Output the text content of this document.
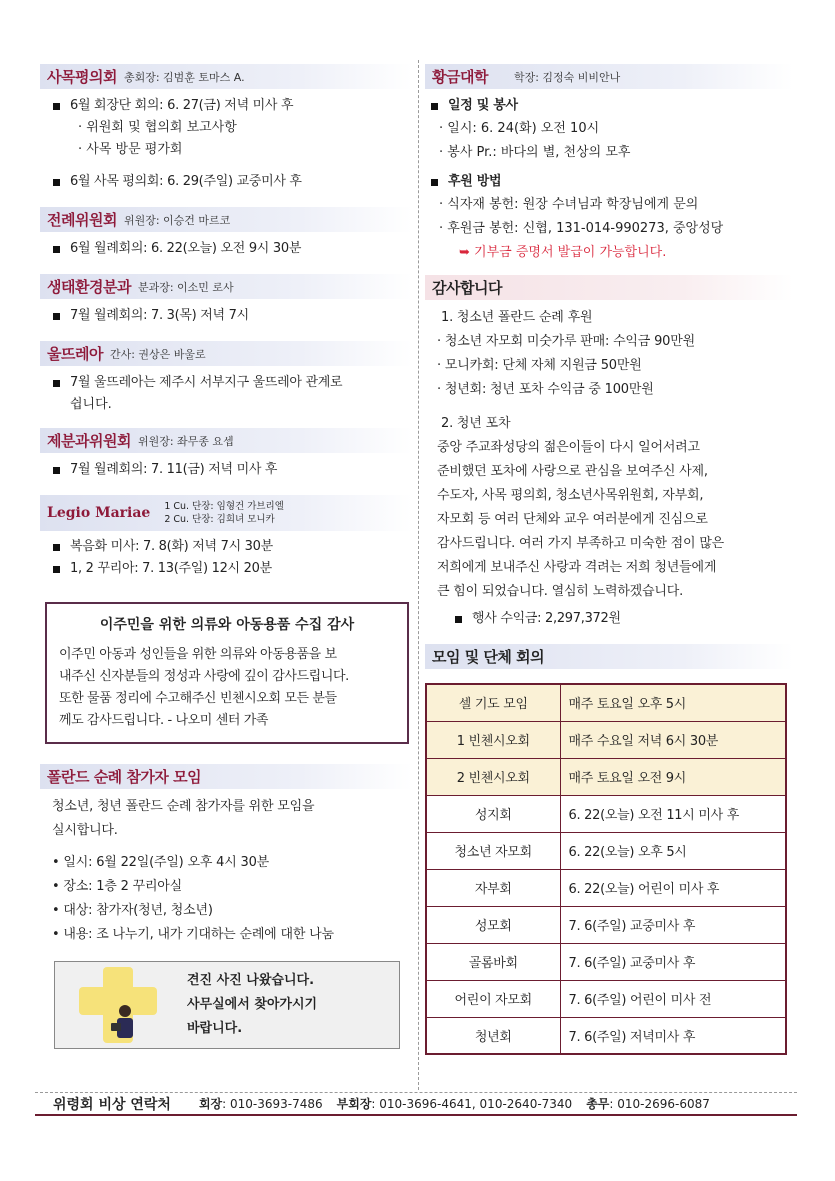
사목평의회 총회장: 김범훈 토마스 A.
6월 회장단 회의: 6. 27(금) 저녁 미사 후
· 위원회 및 협의회 보고사항
· 사목 방문 평가회
6월 사목 평의회: 6. 29(주일) 교중미사 후
전례위원회 위원장: 이승건 마르코
6월 월례회의: 6. 22(오늘) 오전 9시 30분
생태환경분과 분과장: 이소민 로사
7월 월례회의: 7. 3(목) 저녁 7시
울뜨레아 간사: 권상은 바울로
7월 울뜨레아는 제주시 서부지구 울뜨레아 관계로
쉽니다.
제분과위원회 위원장: 좌무종 요셉
7월 월례회의: 7. 11(금) 저녁 미사 후
Legio Mariae 1 Cu. 단장: 임형건 가브리엘
2 Cu. 단장: 김희녀 모니카
복음화 미사: 7. 8(화) 저녁 7시 30분
1, 2 꾸리아: 7. 13(주일) 12시 20분
이주민을 위한 의류와 아동용품 수집 감사
이주민 아동과 성인들을 위한 의류와 아동용품을 보
내주신 신자분들의 정성과 사랑에 깊이 감사드립니다.
또한 물품 정리에 수고해주신 빈첸시오회 모든 분들
께도 감사드립니다. - 나오미 센터 가족
폴란드 순례 참가자 모임
청소년, 청년 폴란드 순례 참가자를 위한 모임을
실시합니다.
• 일시: 6월 22일(주일) 오후 4시 30분
• 장소: 1층 2 꾸리아실
• 대상: 참가자(청년, 청소년)
• 내용: 조 나누기, 내가 기대하는 순례에 대한 나눔
견진 사진 나왔습니다.
사무실에서 찾아가시기
바랍니다.
황금대학 학장: 김정숙 비비안나
일정 및 봉사
· 일시: 6. 24(화) 오전 10시
· 봉사 Pr.: 바다의 별, 천상의 모후
후원 방법
· 식자재 봉헌: 원장 수녀님과 학장님에게 문의
· 후원금 봉헌: 신협, 131-014-990273, 중앙성당
➥ 기부금 증명서 발급이 가능합니다.
감사합니다
1. 청소년 폴란드 순례 후원
· 청소년 자모회 미숫가루 판매: 수익금 90만원
· 모니카회: 단체 자체 지원금 50만원
· 청년회: 청년 포차 수익금 중 100만원
2. 청년 포차
중앙 주교좌성당의 젊은이들이 다시 일어서려고
준비했던 포차에 사랑으로 관심을 보여주신 사제,
수도자, 사목 평의회, 청소년사목위원회, 자부회,
자모회 등 여러 단체와 교우 여러분에게 진심으로
감사드립니다. 여러 가지 부족하고 미숙한 점이 많은
저희에게 보내주신 사랑과 격려는 저희 청년들에게
큰 힘이 되었습니다. 열심히 노력하겠습니다.
행사 수익금: 2,297,372원
모임 및 단체 회의
셀 기도 모임	매주 토요일 오후 5시
1 빈첸시오회	매주 수요일 저녁 6시 30분
2 빈첸시오회	매주 토요일 오전 9시
성지회	6. 22(오늘) 오전 11시 미사 후
청소년 자모회	6. 22(오늘) 오후 5시
자부회	6. 22(오늘) 어린이 미사 후
성모회	7. 6(주일) 교중미사 후
골롬바회	7. 6(주일) 교중미사 후
어린이 자모회	7. 6(주일) 어린이 미사 전
청년회	7. 6(주일) 저녁미사 후
위령회 비상 연락처 회장 : 010-3693-7486 부회장 : 010-3696-4641, 010-2640-7340 총무 : 010-2696-6087
